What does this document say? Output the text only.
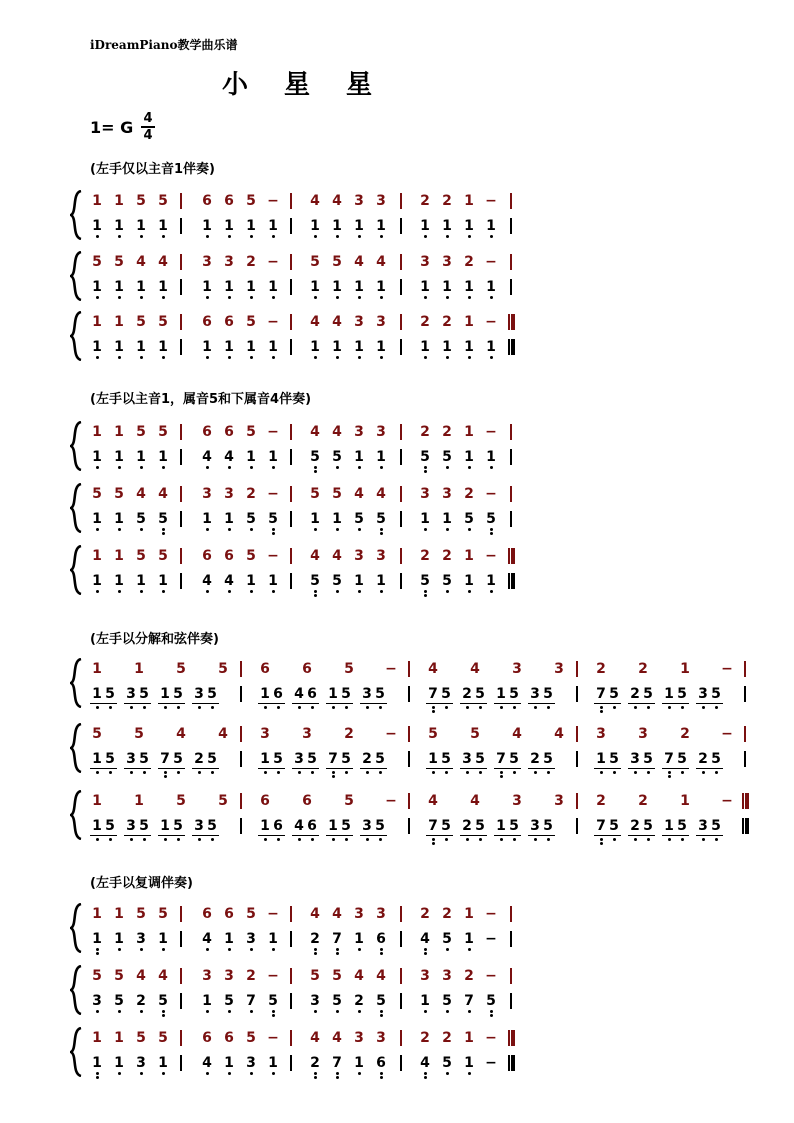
iDreamPiano教学曲乐谱
小星星
1= G 4
4
(左手仅以主音1伴奏)
1 1 5 5 6 6 5 − 4 4 3 3 2 2 1 −
1 1 1 1 1 1 1 1 1 1 1 1 1 1 1 1
5 5 4 4 3 3 2 − 5 5 4 4 3 3 2 −
1 1 1 1 1 1 1 1 1 1 1 1 1 1 1 1
1 1 5 5 6 6 5 − 4 4 3 3 2 2 1 −
1 1 1 1 1 1 1 1 1 1 1 1 1 1 1 1
(左手以主音1，属音5和下属音4伴奏)
1 1 5 5 6 6 5 − 4 4 3 3 2 2 1 −
1 1 1 1 4 4 1 1 5 5 1 1 5 5 1 1
5 5 4 4 3 3 2 − 5 5 4 4 3 3 2 −
1 1 5 5 1 1 5 5 1 1 5 5 1 1 5 5
1 1 5 5 6 6 5 − 4 4 3 3 2 2 1 −
1 1 1 1 4 4 1 1 5 5 1 1 5 5 1 1
(左手以分解和弦伴奏)
1 1 5 5 6 6 5 − 4 4 3 3 2 2 1 −
1 5 3 5 1 5 3 5	1 6 4 6 1 5 3 5	7 5 2 5 1 5 3 5	7 5 2 5 1 5 3 5
5 5 4 4 3 3 2 − 5 5 4 4 3 3 2 −
1 5 3 5 7 5 2 5	1 5 3 5 7 5 2 5	1 5 3 5 7 5 2 5	1 5 3 5 7 5 2 5
1 1 5 5 6 6 5 − 4 4 3 3 2 2 1 −
1 5 3 5 1 5 3 5	1 6 4 6 1 5 3 5	7 5 2 5 1 5 3 5	7 5 2 5 1 5 3 5
(左手以复调伴奏)
1 1 5 5 6 6 5 − 4 4 3 3 2 2 1 −
1 1 3 1 4 1 3 1 2 7 1 6 4 5 1 −
5 5 4 4 3 3 2 − 5 5 4 4 3 3 2 −
3 5 2 5 1 5 7 5 3 5 2 5 1 5 7 5
1 1 5 5 6 6 5 − 4 4 3 3 2 2 1 −
1 1 3 1 4 1 3 1 2 7 1 6 4 5 1 −
